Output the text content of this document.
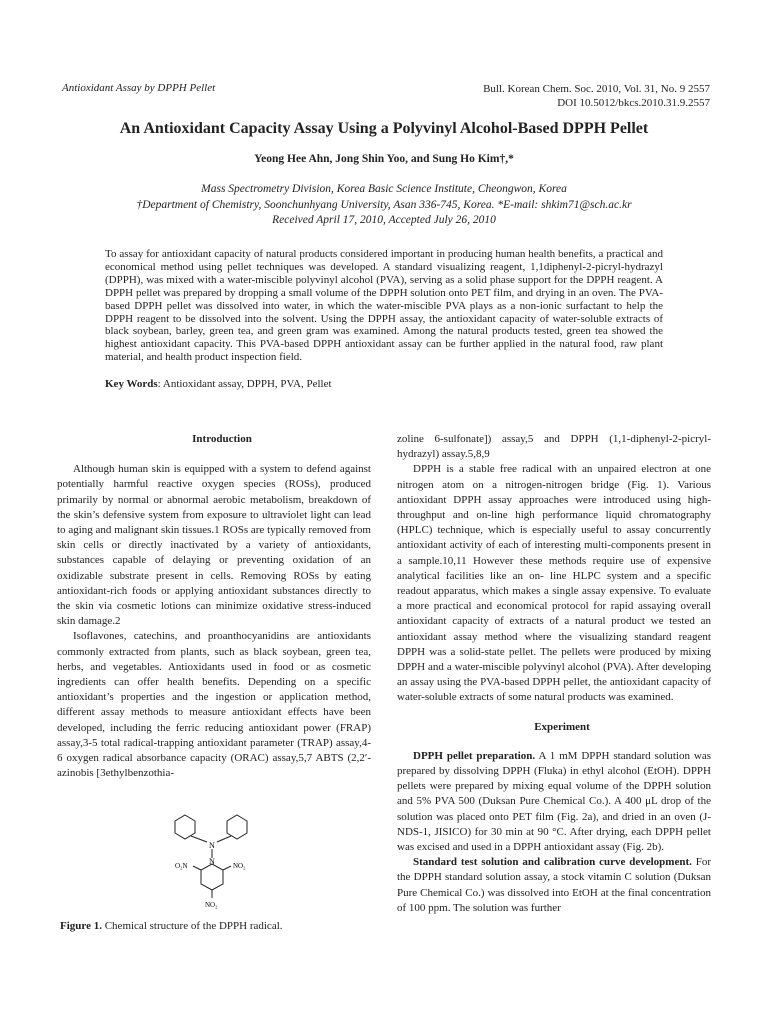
Antioxidant Assay by DPPH Pellet	Bull. Korean Chem. Soc. 2010, Vol. 31, No. 9 2557
DOI 10.5012/bkcs.2010.31.9.2557
An Antioxidant Capacity Assay Using a Polyvinyl Alcohol-Based DPPH Pellet
Yeong Hee Ahn, Jong Shin Yoo, and Sung Ho Kim†,*
Mass Spectrometry Division, Korea Basic Science Institute, Cheongwon, Korea
†Department of Chemistry, Soonchunhyang University, Asan 336-745, Korea. *E-mail: shkim71@sch.ac.kr
Received April 17, 2010, Accepted July 26, 2010
To assay for antioxidant capacity of natural products considered important in producing human health benefits, a practical and economical method using pellet techniques was developed. A standard visualizing reagent, 1,1diphenyl-2-picryl-hydrazyl (DPPH), was mixed with a water-miscible polyvinyl alcohol (PVA), serving as a solid phase support for the DPPH reagent. A DPPH pellet was prepared by dropping a small volume of the DPPH solution onto PET film, and drying in an oven. The PVA-based DPPH pellet was dissolved into water, in which the water-miscible PVA plays as a non-ionic surfactant to help the DPPH reagent to be dissolved into the solvent. Using the DPPH assay, the antioxidant capacity of water-soluble extracts of black soybean, barley, green tea, and green gram was examined. Among the natural products tested, green tea showed the highest antioxidant capacity. This PVA-based DPPH antioxidant assay can be further applied in the natural food, raw plant material, and health product inspection field.
Key Words: Antioxidant assay, DPPH, PVA, Pellet

Introduction

Although human skin is equipped with a system to defend against potentially harmful reactive oxygen species (ROSs), produced primarily by normal or abnormal aerobic metabolism, breakdown of the skin’s defensive system from exposure to ultraviolet light can lead to aging and malignant skin tissues.1 ROSs are typically removed from skin cells or directly inactivated by a variety of antioxidants, substances capable of delaying or preventing oxidation of an oxidizable substrate present in cells. Removing ROSs by eating antioxidant-rich foods or applying antioxidant substances directly to the skin via cosmetic lotions can minimize oxidative stress-induced skin damage.2

Isoflavones, catechins, and proanthocyanidins are antioxidants commonly extracted from plants, such as black soybean, green tea, herbs, and vegetables. Antioxidants used in food or as cosmetic ingredients can offer health benefits. Depending on a specific antioxidant’s properties and the ingestion or application method, different assay methods to measure antioxidant effects have been developed, including the ferric reducing antioxidant power (FRAP) assay,3-5 total radical-trapping antioxidant parameter (TRAP) assay,4-6 oxygen radical absorbance capacity (ORAC) assay,5,7 ABTS (2,2′-azinobis [3ethylbenzothia-

N
N
O₂N	NO₂
NO₂
Figure 1. Chemical structure of the DPPH radical.

zoline 6-sulfonate]) assay,5 and DPPH (1,1-diphenyl-2-picryl-hydrazyl) assay.5,8,9

DPPH is a stable free radical with an unpaired electron at one nitrogen atom on a nitrogen-nitrogen bridge (Fig. 1). Various antioxidant DPPH assay approaches were introduced using high-throughput and on-line high performance liquid chromatography (HPLC) technique, which is especially useful to assay concurrently antioxidant activity of each of interesting multi-components present in a sample.10,11 However these methods require use of expensive analytical facilities like an on- line HLPC system and a specific readout apparatus, which makes a single assay expensive. To evaluate a more practical and economical protocol for rapid assaying overall antioxidant capacity of extracts of a natural product we tested an antioxidant assay method where the visualizing standard reagent DPPH was a solid-state pellet. The pellets were produced by mixing DPPH and a water-miscible polyvinyl alcohol (PVA). After developing an assay using the PVA-based DPPH pellet, the antioxidant capacity of water-soluble extracts of some natural products was examined.

Experiment

DPPH pellet preparation. A 1 mM DPPH standard solution was prepared by dissolving DPPH (Fluka) in ethyl alcohol (EtOH). DPPH pellets were prepared by mixing equal volume of the DPPH solution and 5% PVA 500 (Duksan Pure Chemical Co.). A 400 μL drop of the solution was placed onto PET film (Fig. 2a), and dried in an oven (J-NDS-1, JISICO) for 30 min at 90 °C. After drying, each DPPH pellet was excised and used in a DPPH antioxidant assay (Fig. 2b).

Standard test solution and calibration curve development. For the DPPH standard solution assay, a stock vitamin C solution (Duksan Pure Chemical Co.) was dissolved into EtOH at the final concentration of 100 ppm. The solution was further
